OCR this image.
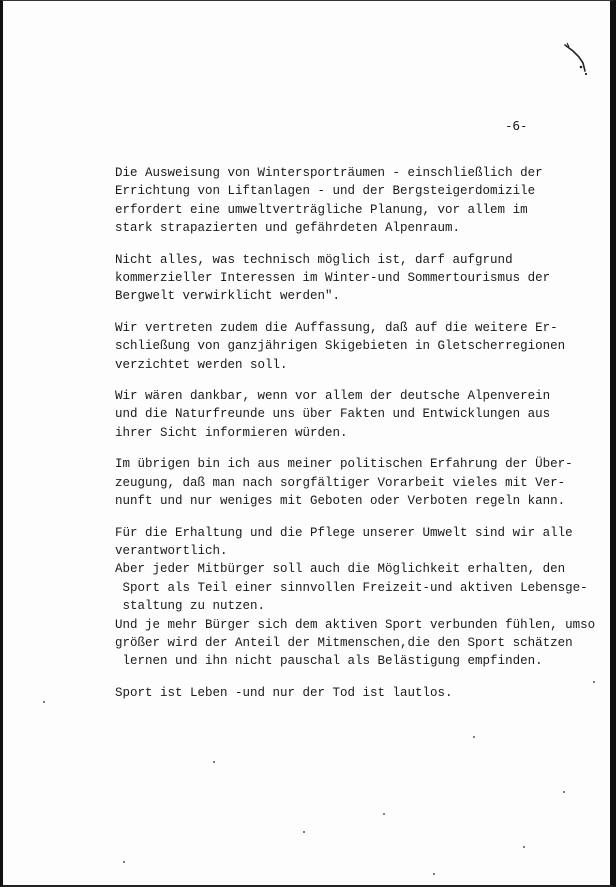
-6-

Die Ausweisung von Wintersporträumen - einschließlich der
Errichtung von Liftanlagen - und der Bergsteigerdomizile
erfordert eine umweltverträgliche Planung, vor allem im
stark strapazierten und gefährdeten Alpenraum.

Nicht alles, was technisch möglich ist, darf aufgrund
kommerzieller Interessen im Winter-und Sommertourismus der
Bergwelt verwirklicht werden".

Wir vertreten zudem die Auffassung, daß auf die weitere Er-
schließung von ganzjährigen Skigebieten in Gletscherregionen
verzichtet werden soll.

Wir wären dankbar, wenn vor allem der deutsche Alpenverein
und die Naturfreunde uns über Fakten und Entwicklungen aus
ihrer Sicht informieren würden.

Im übrigen bin ich aus meiner politischen Erfahrung der Über-
zeugung, daß man nach sorgfältiger Vorarbeit vieles mit Ver-
nunft und nur weniges mit Geboten oder Verboten regeln kann.

Für die Erhaltung und die Pflege unserer Umwelt sind wir alle
verantwortlich.
Aber jeder Mitbürger soll auch die Möglichkeit erhalten, den
Sport als Teil einer sinnvollen Freizeit-und aktiven Lebensge-
staltung zu nutzen.
Und je mehr Bürger sich dem aktiven Sport verbunden fühlen, umso
größer wird der Anteil der Mitmenschen,die den Sport schätzen
lernen und ihn nicht pauschal als Belästigung empfinden.

Sport ist Leben -und nur der Tod ist lautlos.
